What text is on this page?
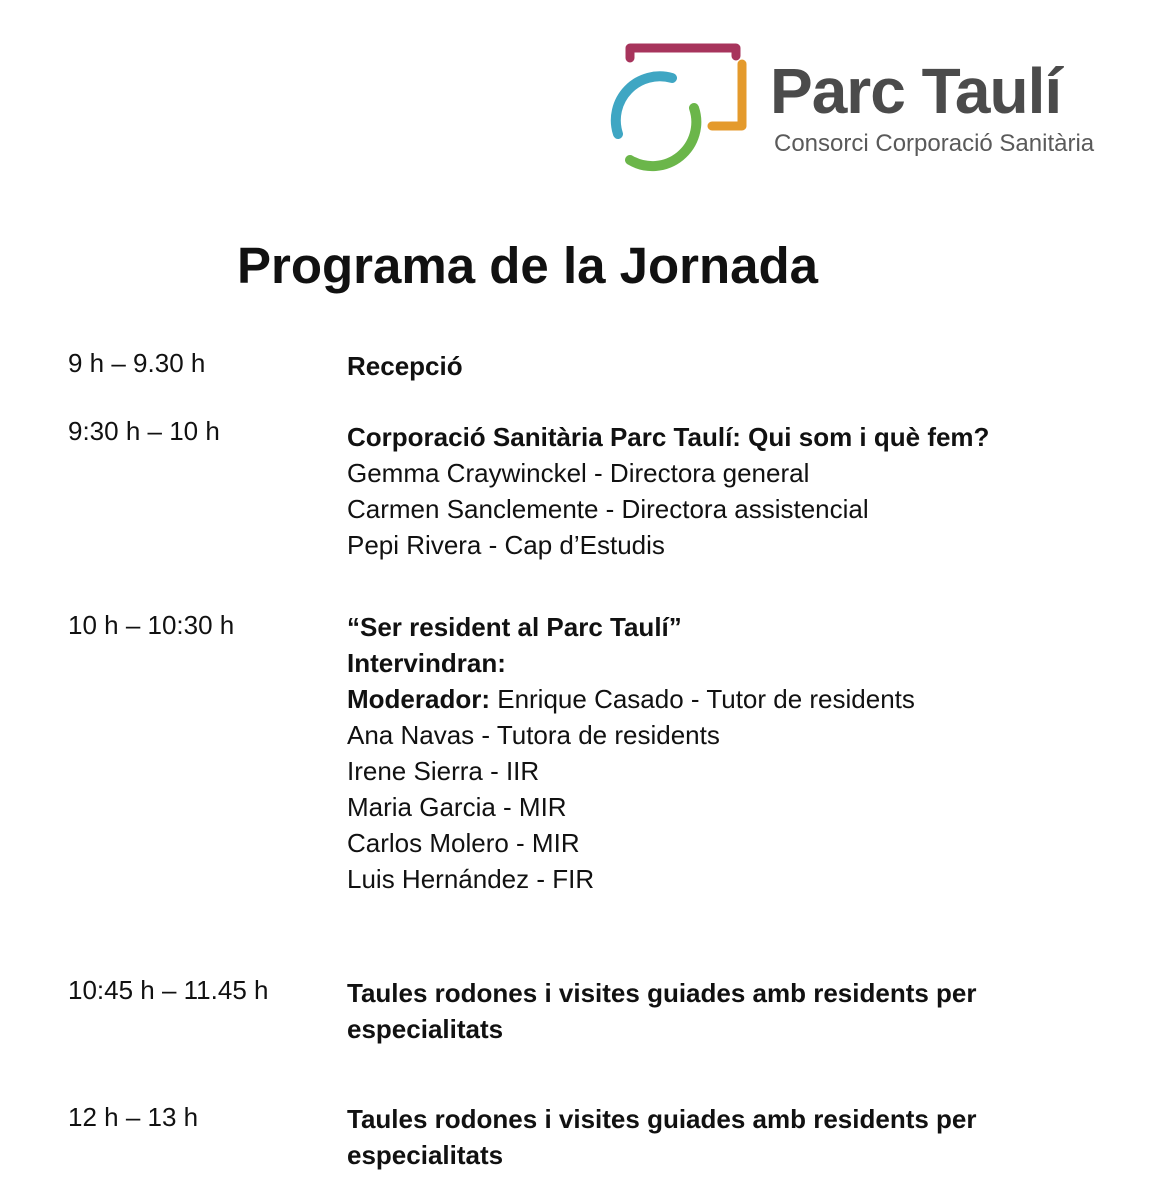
Parc Taulí
Consorci Corporació Sanitària
Programa de la Jornada
9 h – 9.30 h	Recepció
9:30 h – 10 h	Corporació Sanitària Parc Taulí: Qui som i què fem?
Gemma Craywinckel - Directora general
Carmen Sanclemente - Directora assistencial
Pepi Rivera - Cap d’Estudis
10 h – 10:30 h	“Ser resident al Parc Taulí”
Intervindran:
Moderador: Enrique Casado - Tutor de residents
Ana Navas - Tutora de residents
Irene Sierra - IIR
Maria Garcia - MIR
Carlos Molero - MIR
Luis Hernández - FIR
10:45 h – 11.45 h	Taules rodones i visites guiades amb residents per
especialitats
12 h – 13 h	Taules rodones i visites guiades amb residents per
especialitats
